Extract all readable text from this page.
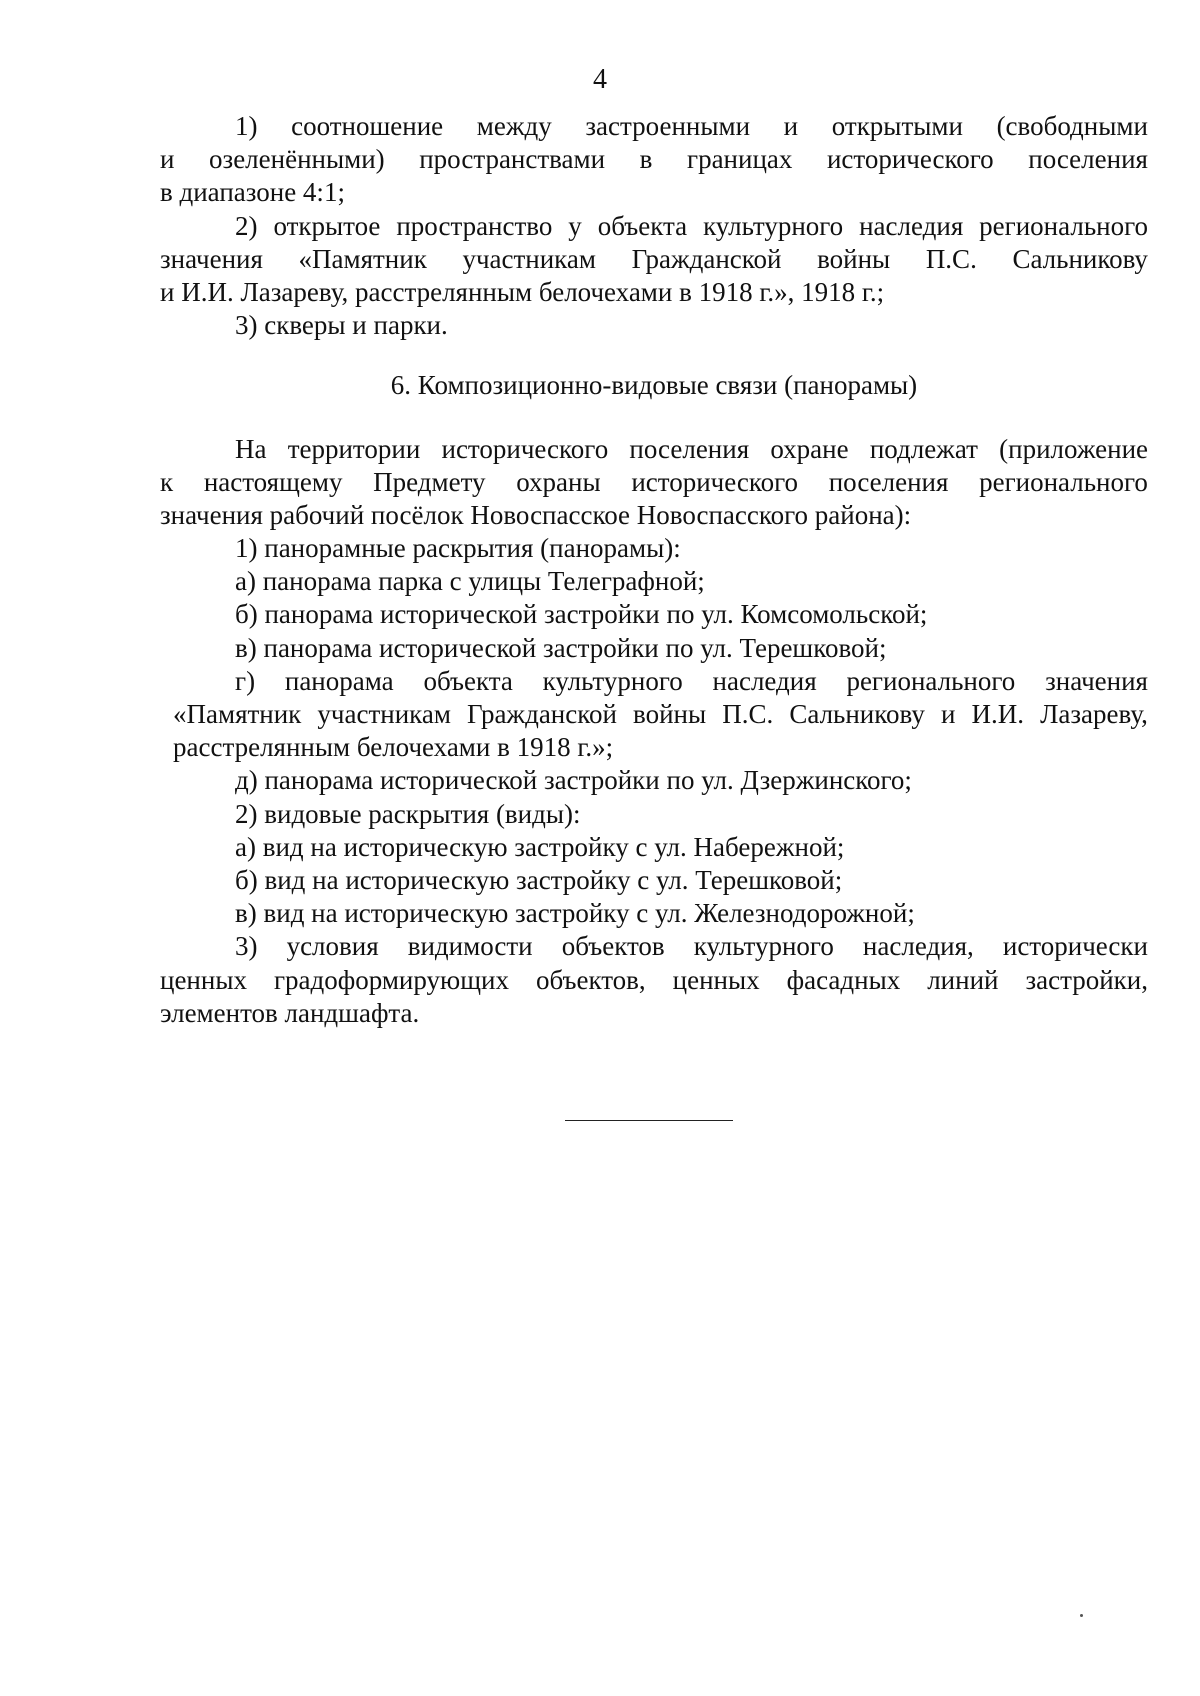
4
1) соотношение между застроенными и открытыми (свободными
и озеленёнными) пространствами в границах исторического поселения
в диапазоне 4:1;
2) открытое пространство у объекта культурного наследия регионального
значения «Памятник участникам Гражданской войны П.С. Сальникову
и И.И. Лазареву, расстрелянным белочехами в 1918 г.», 1918 г.;
3) скверы и парки.
6. Композиционно-видовые связи (панорамы)
На территории исторического поселения охране подлежат (приложение
к настоящему Предмету охраны исторического поселения регионального
значения рабочий посёлок Новоспасское Новоспасского района):
1) панорамные раскрытия (панорамы):
а) панорама парка с улицы Телеграфной;
б) панорама исторической застройки по ул. Комсомольской;
в) панорама исторической застройки по ул. Терешковой;
г) панорама объекта культурного наследия регионального значения
«Памятник участникам Гражданской войны П.С. Сальникову и И.И. Лазареву,
расстрелянным белочехами в 1918 г.»;
д) панорама исторической застройки по ул. Дзержинского;
2) видовые раскрытия (виды):
а) вид на историческую застройку с ул. Набережной;
б) вид на историческую застройку с ул. Терешковой;
в) вид на историческую застройку с ул. Железнодорожной;
3) условия видимости объектов культурного наследия, исторически
ценных градоформирующих объектов, ценных фасадных линий застройки,
элементов ландшафта.
